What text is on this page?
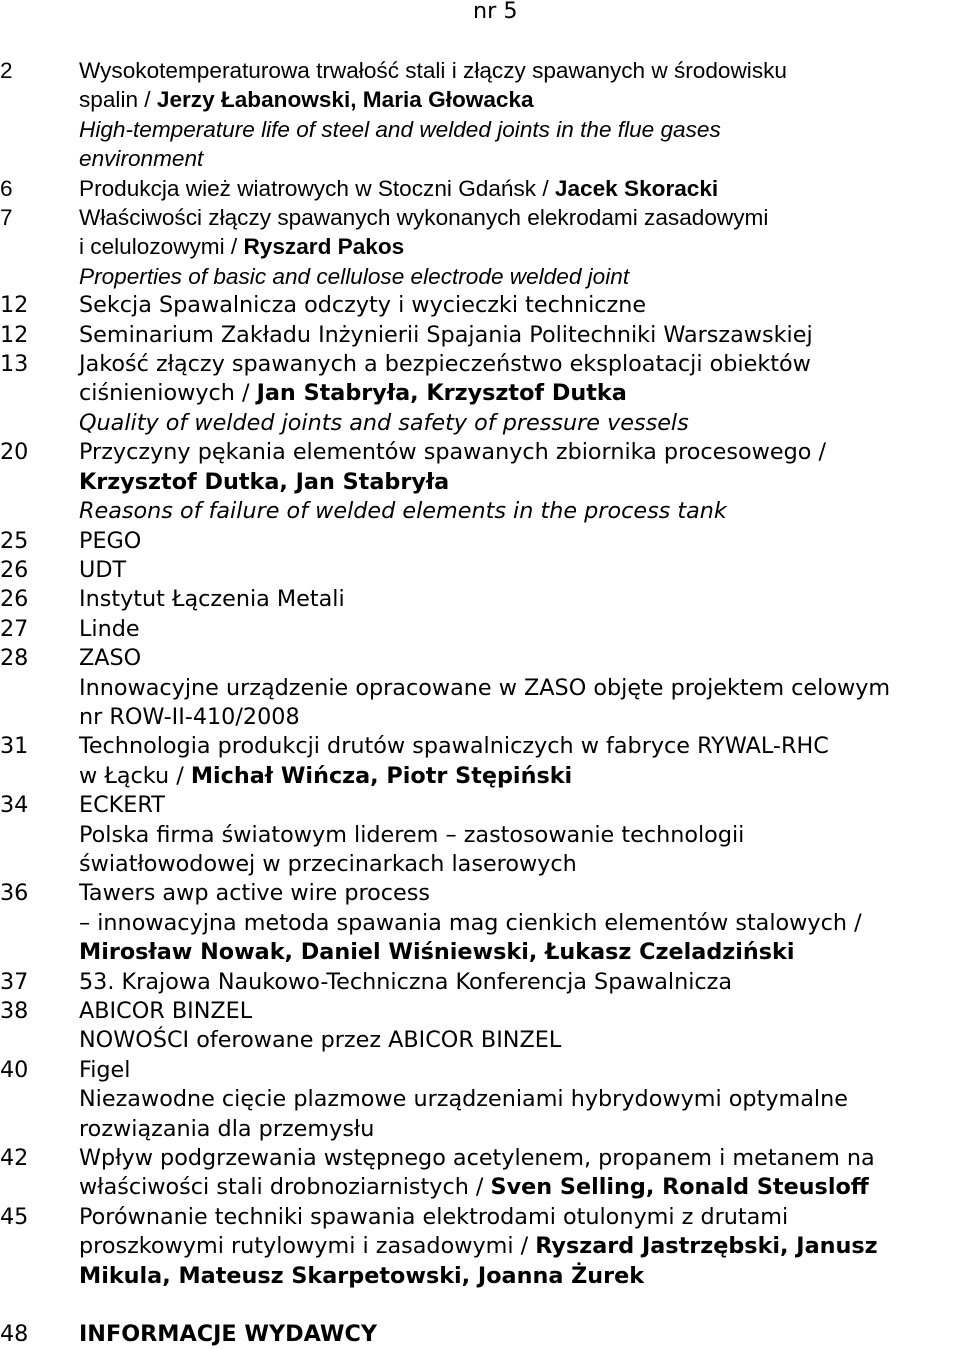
nr 5
2	Wysokotemperaturowa trwałość stali i złączy spawanych w środowisku
spalin / Jerzy Łabanowski, Maria Głowacka
High-temperature life of steel and welded joints in the flue gases
environment
6	Produkcja wież wiatrowych w Stoczni Gdańsk / Jacek Skoracki
7	Właściwości złączy spawanych wykonanych elekrodami zasadowymi
i celulozowymi / Ryszard Pakos
Properties of basic and cellulose electrode welded joint
12	Sekcja Spawalnicza odczyty i wycieczki techniczne
12	Seminarium Zakładu Inżynierii Spajania Politechniki Warszawskiej
13	Jakość złączy spawanych a bezpieczeństwo eksploatacji obiektów
ciśnieniowych / Jan Stabryła, Krzysztof Dutka
Quality of welded joints and safety of pressure vessels
20	Przyczyny pękania elementów spawanych zbiornika procesowego /
Krzysztof Dutka, Jan Stabryła
Reasons of failure of welded elements in the process tank
25	PEGO
26	UDT
26	Instytut Łączenia Metali
27	Linde
28	ZASO
Innowacyjne urządzenie opracowane w ZASO objęte projektem celowym
nr ROW-II-410/2008
31	Technologia produkcji drutów spawalniczych w fabryce RYWAL-RHC
w Łącku / Michał Wińcza, Piotr Stępiński
34	ECKERT
Polska firma światowym liderem – zastosowanie technologii
światłowodowej w przecinarkach laserowych
36	Tawers awp active wire process
– innowacyjna metoda spawania mag cienkich elementów stalowych /
Mirosław Nowak, Daniel Wiśniewski, Łukasz Czeladziński
37	53. Krajowa Naukowo-Techniczna Konferencja Spawalnicza
38	ABICOR BINZEL
NOWOŚCI oferowane przez ABICOR BINZEL
40	Figel
Niezawodne cięcie plazmowe urządzeniami hybrydowymi optymalne
rozwiązania dla przemysłu
42	Wpływ podgrzewania wstępnego acetylenem, propanem i metanem na
właściwości stali drobnoziarnistych / Sven Selling, Ronald Steusloff
45	Porównanie techniki spawania elektrodami otulonymi z drutami
proszkowymi rutylowymi i zasadowymi / Ryszard Jastrzębski, Janusz
Mikula, Mateusz Skarpetowski, Joanna Żurek
48	INFORMACJE WYDAWCY
